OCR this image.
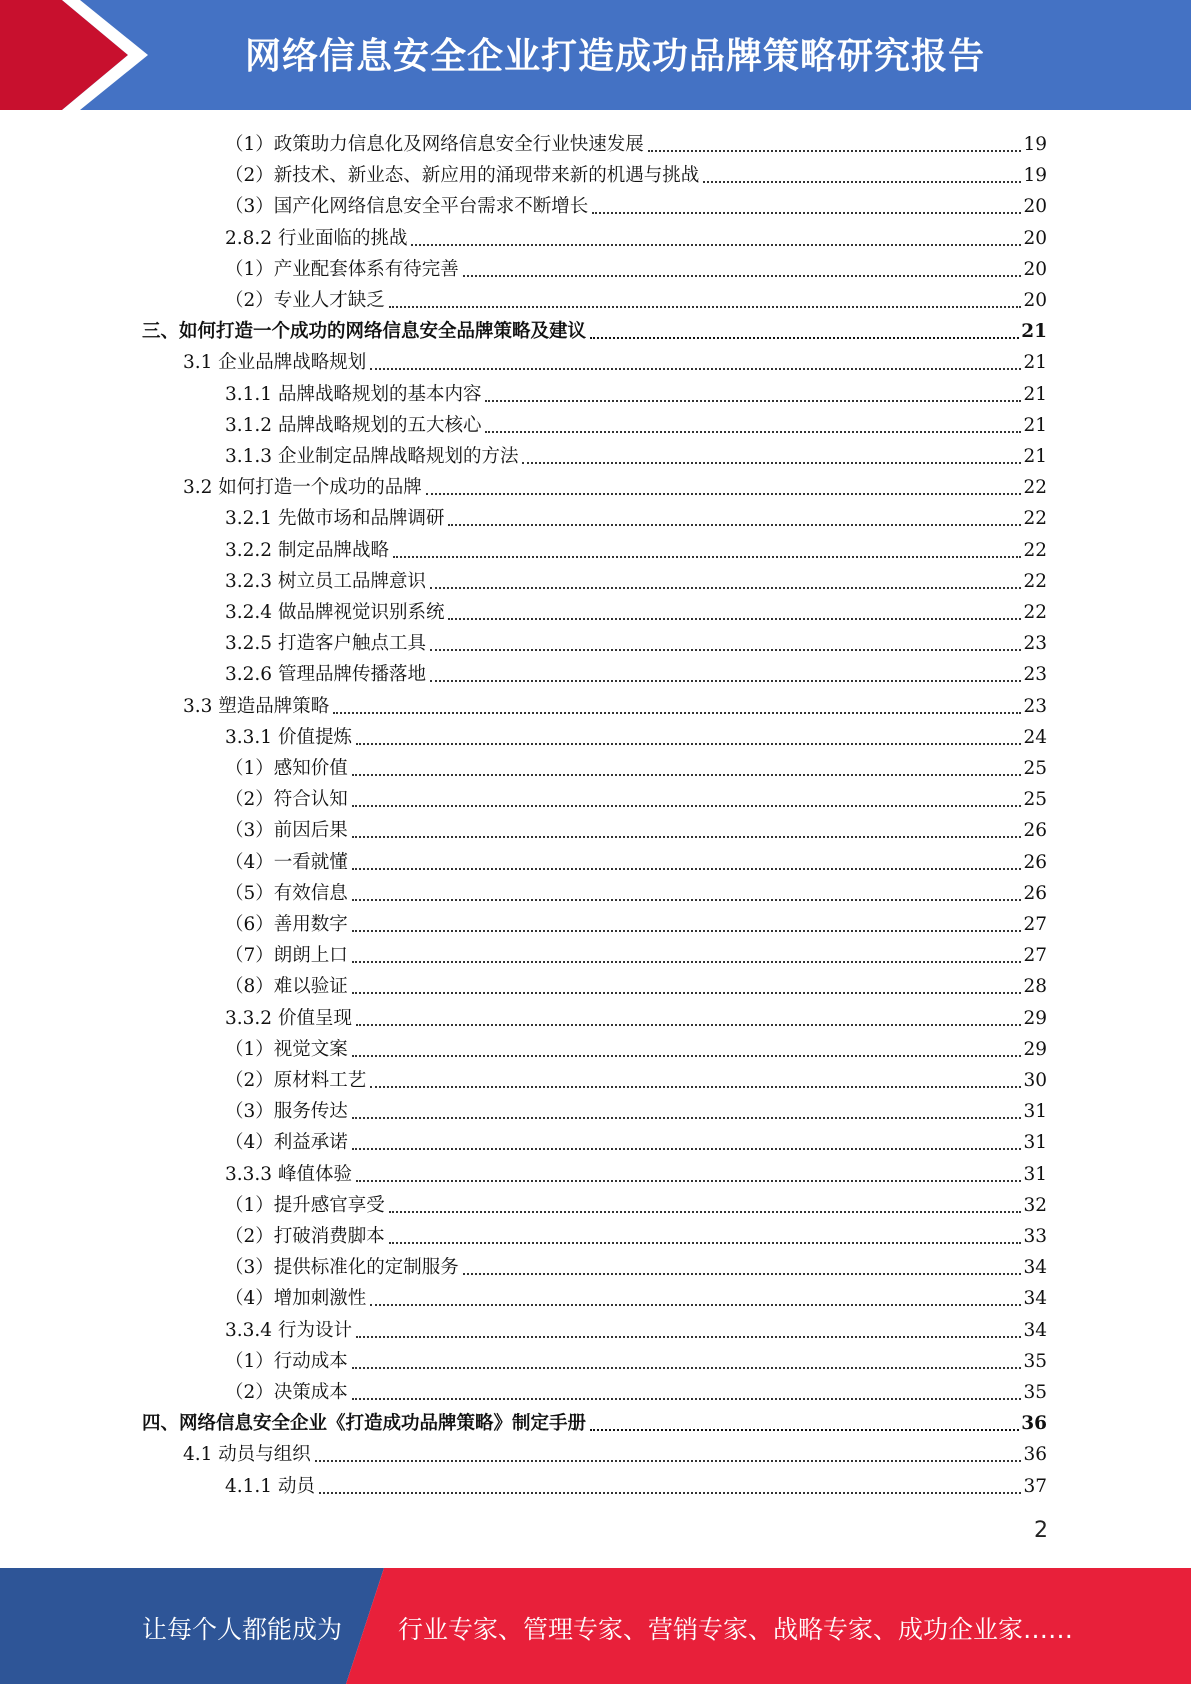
网络信息安全企业打造成功品牌策略研究报告
（1）政策助力信息化及网络信息安全行业快速发展	19
（2）新技术、新业态、新应用的涌现带来新的机遇与挑战	19
（3）国产化网络信息安全平台需求不断增长	20
2.8.2 行业面临的挑战	20
（1）产业配套体系有待完善	20
（2）专业人才缺乏	20
三、如何打造一个成功的网络信息安全品牌策略及建议	21
3.1 企业品牌战略规划	21
3.1.1 品牌战略规划的基本内容	21
3.1.2 品牌战略规划的五大核心	21
3.1.3 企业制定品牌战略规划的方法	21
3.2 如何打造一个成功的品牌	22
3.2.1 先做市场和品牌调研	22
3.2.2 制定品牌战略	22
3.2.3 树立员工品牌意识	22
3.2.4 做品牌视觉识别系统	22
3.2.5 打造客户触点工具	23
3.2.6 管理品牌传播落地	23
3.3 塑造品牌策略	23
3.3.1 价值提炼	24
（1）感知价值	25
（2）符合认知	25
（3）前因后果	26
（4）一看就懂	26
（5）有效信息	26
（6）善用数字	27
（7）朗朗上口	27
（8）难以验证	28
3.3.2 价值呈现	29
（1）视觉文案	29
（2）原材料工艺	30
（3）服务传达	31
（4）利益承诺	31
3.3.3 峰值体验	31
（1）提升感官享受	32
（2）打破消费脚本	33
（3）提供标准化的定制服务	34
（4）增加刺激性	34
3.3.4 行为设计	34
（1）行动成本	35
（2）决策成本	35
四、网络信息安全企业《打造成功品牌策略》制定手册	36
4.1 动员与组织	36
4.1.1 动员	37
2
让每个人都能成为 行业专家、管理专家、营销专家、战略专家、成功企业家……
